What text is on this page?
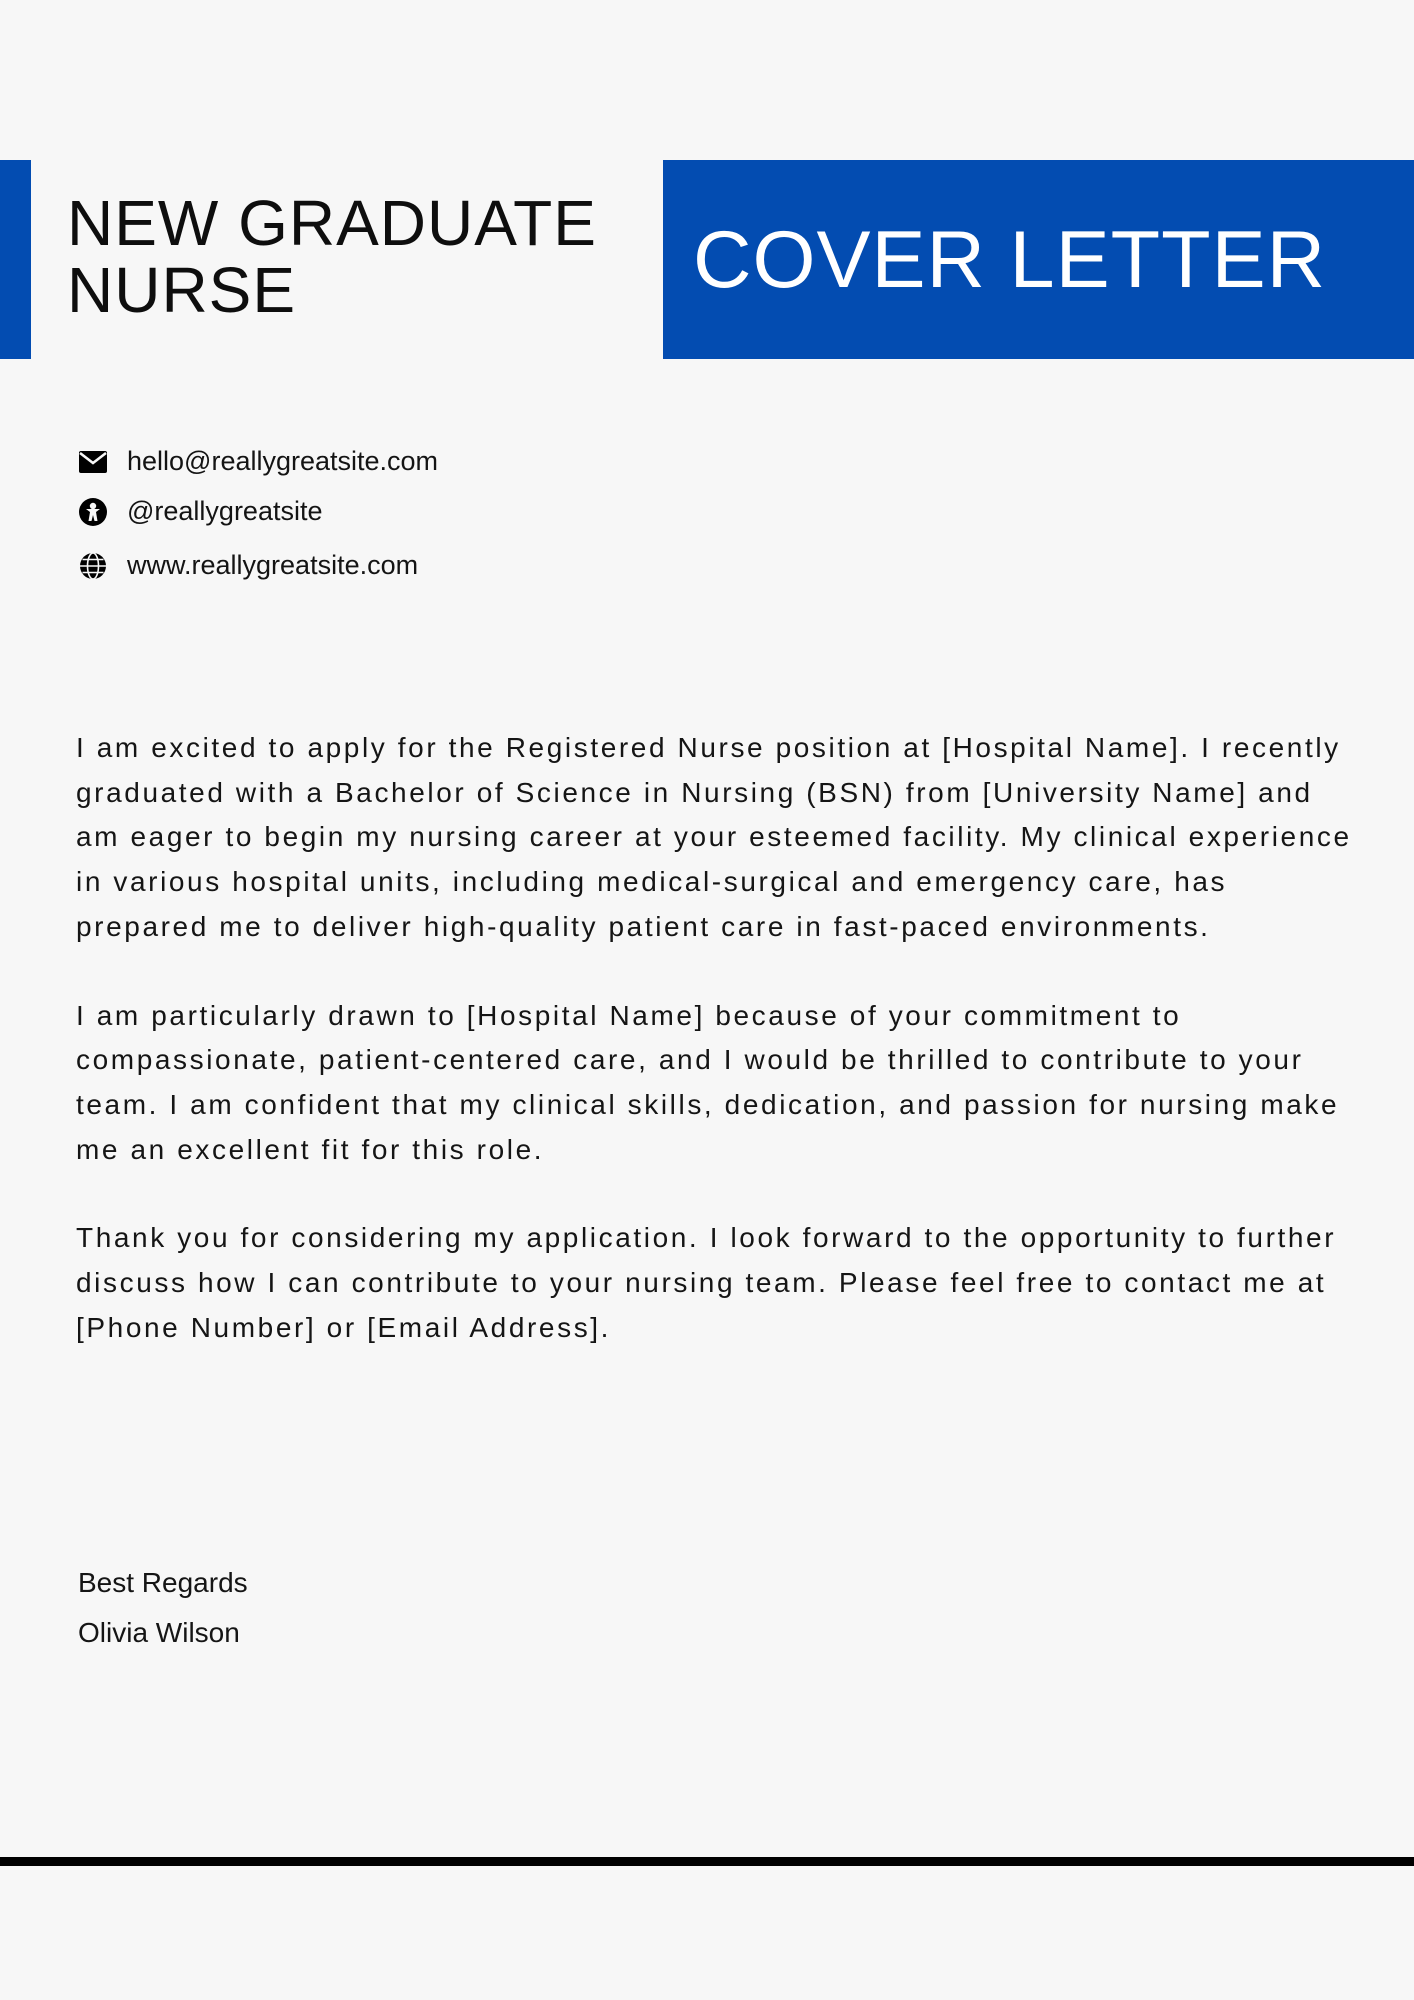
NEW GRADUATE
NURSE	COVER LETTER
hello@reallygreatsite.com
@reallygreatsite
www.reallygreatsite.com

I am excited to apply for the Registered Nurse position at [Hospital Name]. I recently graduated with a Bachelor of Science in Nursing (BSN) from [University Name] and am eager to begin my nursing career at your esteemed facility. My clinical experience in various hospital units, including medical-surgical and emergency care, has prepared me to deliver high-quality patient care in fast-paced environments.

I am particularly drawn to [Hospital Name] because of your commitment to compassionate, patient-centered care, and I would be thrilled to contribute to your team. I am confident that my clinical skills, dedication, and passion for nursing make me an excellent fit for this role.

Thank you for considering my application. I look forward to the opportunity to further discuss how I can contribute to your nursing team. Please feel free to contact me at [Phone Number] or [Email Address].

Best Regards
Olivia Wilson
